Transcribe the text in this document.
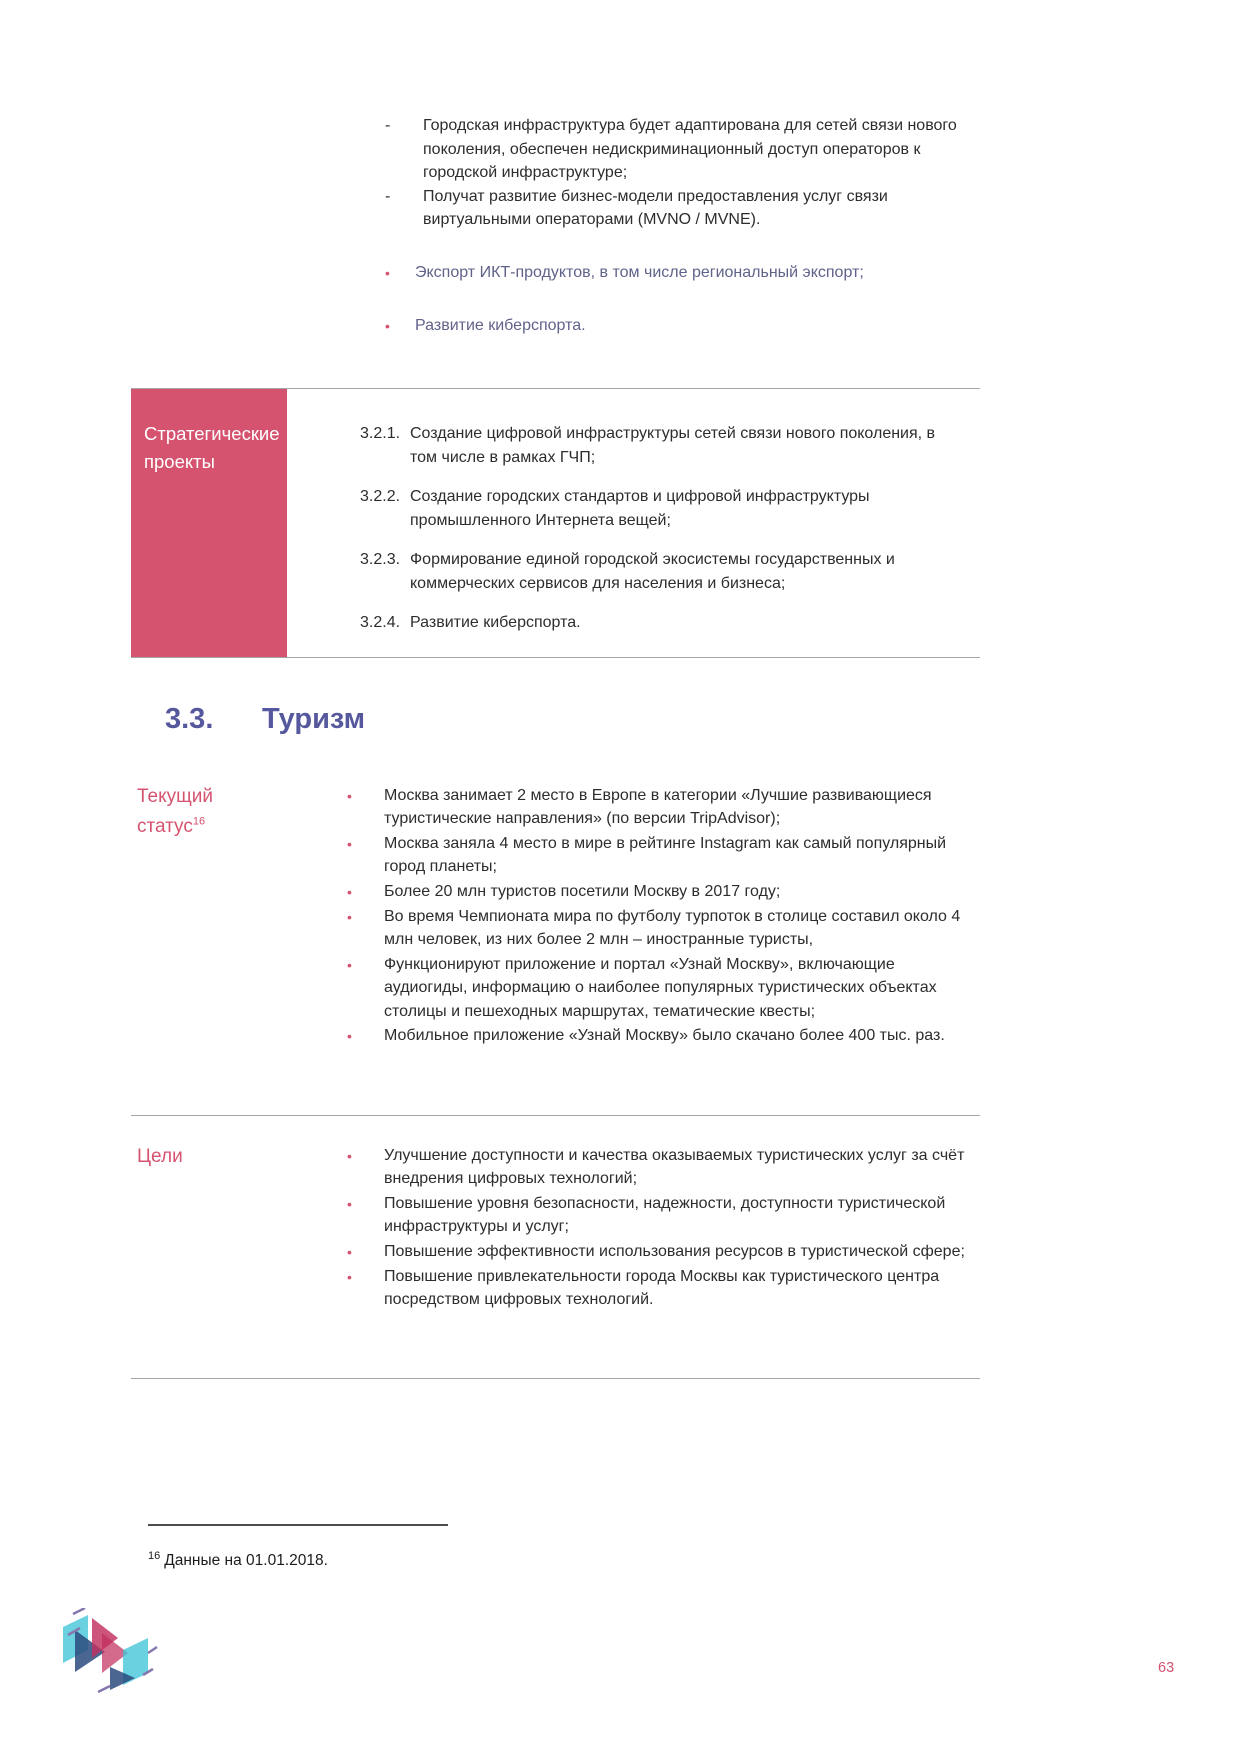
-	Городская инфраструктура будет адаптирована для сетей связи нового поколения, обеспечен недискриминационный доступ операторов к городской инфраструктуре;
-	Получат развитие бизнес-модели предоставления услуг связи виртуальными операторами (MVNO / MVNE).
•	Экспорт ИКТ-продуктов, в том числе региональный экспорт;
•	Развитие киберспорта.
Стратегические проекты
3.2.1. Создание цифровой инфраструктуры сетей связи нового поколения, в том числе в рамках ГЧП;
3.2.2. Создание городских стандартов и цифровой инфраструктуры промышленного Интернета вещей;
3.2.3. Формирование единой городской экосистемы государственных и коммерческих сервисов для населения и бизнеса;
3.2.4. Развитие киберспорта.
3.3.	Туризм
Текущий
статус$^{16}$
•	Москва занимает 2 место в Европе в категории «Лучшие развивающиеся туристические направления» (по версии TripAdvisor);
•	Москва заняла 4 место в мире в рейтинге Instagram как самый популярный город планеты;
•	Более 20 млн туристов посетили Москву в 2017 году;
•	Во время Чемпионата мира по футболу турпоток в столице составил около 4 млн человек, из них более 2 млн – иностранные туристы,
•	Функционируют приложение и портал «Узнай Москву», включающие аудиогиды, информацию о наиболее популярных туристических объектах столицы и пешеходных маршрутах, тематические квесты;
•	Мобильное приложение «Узнай Москву» было скачано более 400 тыс. раз.
Цели	•	Улучшение доступности и качества оказываемых туристических услуг за счёт внедрения цифровых технологий;
•	Повышение уровня безопасности, надежности, доступности туристической инфраструктуры и услуг;
•	Повышение эффективности использования ресурсов в туристической сфере;
•	Повышение привлекательности города Москвы как туристического центра посредством цифровых технологий.
$^{16}$ Данные на 01.01.2018.
63
